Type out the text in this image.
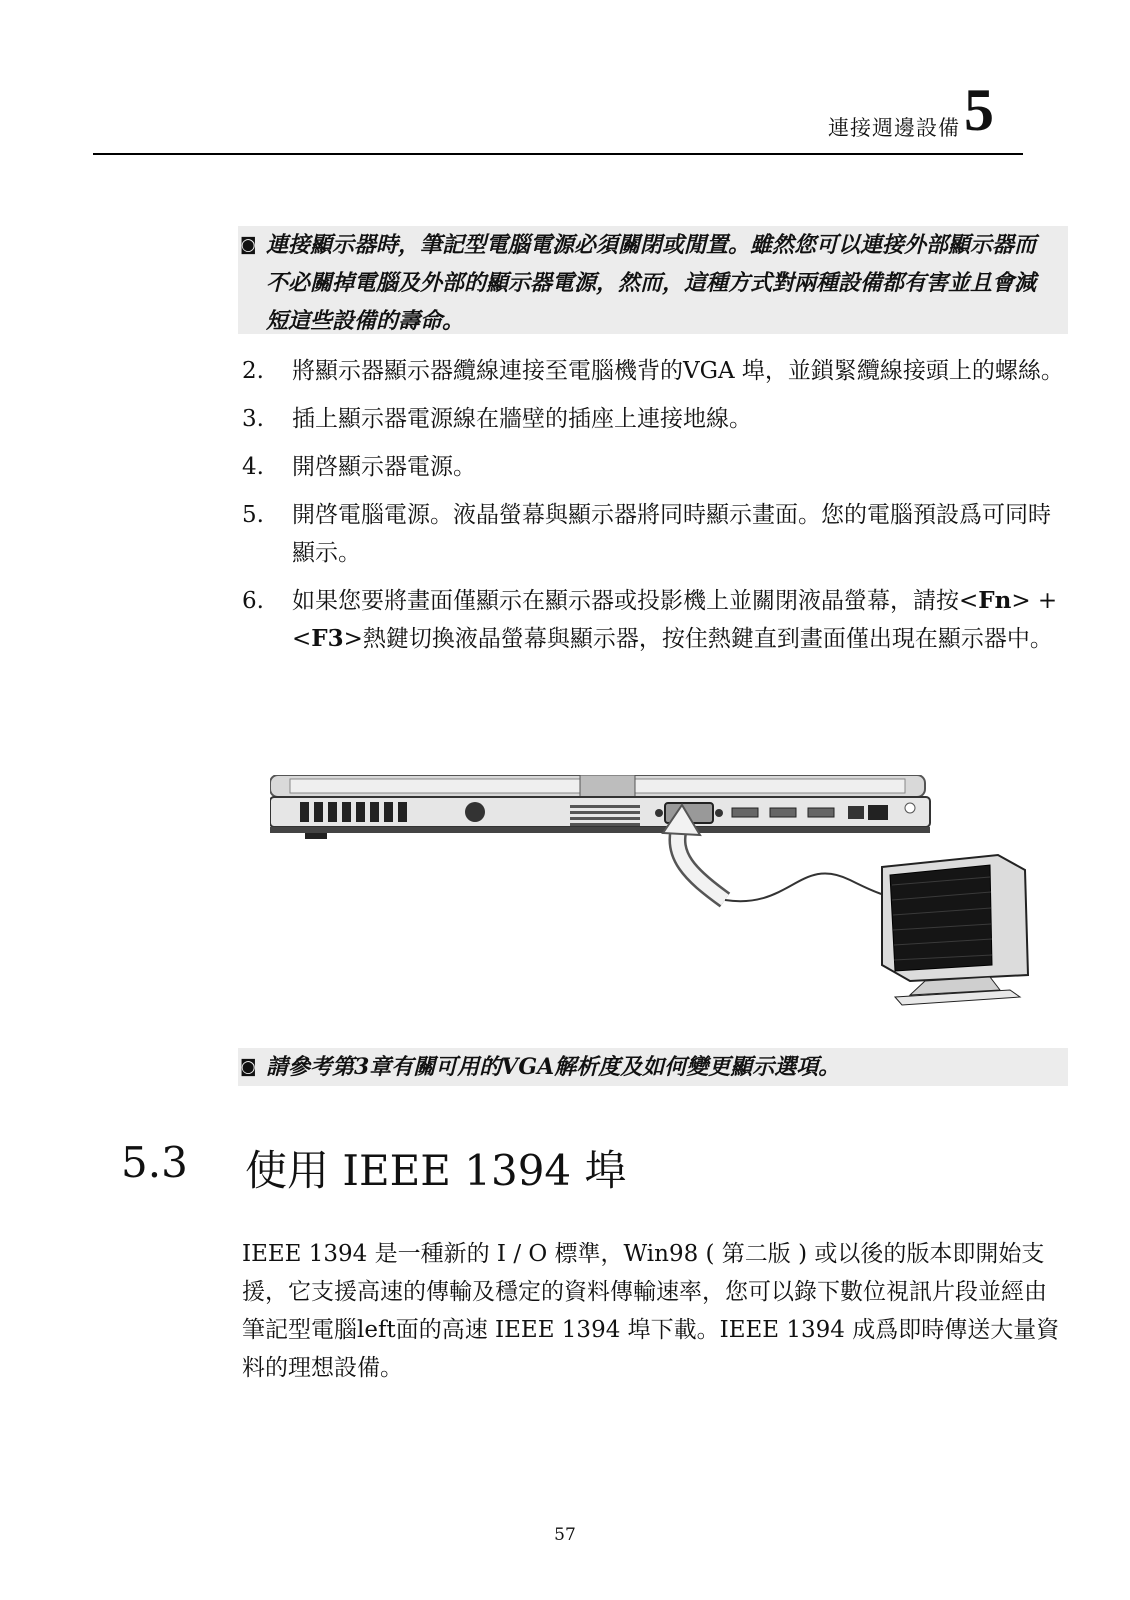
連接週邊設備 5
◙ 連接顯示器時，筆記型電腦電源必須關閉或閒置。雖然您可以連接外部顯示器而不必關掉電腦及外部的顯示器電源，然而，這種方式對兩種設備都有害並且會減短這些設備的壽命。
2. 將顯示器顯示器纜線連接至電腦機背的VGA 埠，並鎖緊纜線接頭上的螺絲。
3. 插上顯示器電源線在牆壁的插座上連接地線。
4. 開啓顯示器電源。
5. 開啓電腦電源。液晶螢幕與顯示器將同時顯示畫面。您的電腦預設爲可同時顯示。
6. 如果您要將畫面僅顯示在顯示器或投影機上並關閉液晶螢幕，請按<Fn> + <F3>熱鍵切換液晶螢幕與顯示器，按住熱鍵直到畫面僅出現在顯示器中。
◙ 請參考第3章有關可用的VGA解析度及如何變更顯示選項。
5.3 使用 IEEE 1394 埠
IEEE 1394 是一種新的 I / O 標準，Win98 ( 第二版 ) 或以後的版本即開始支援，它支援高速的傳輸及穩定的資料傳輸速率，您可以錄下數位視訊片段並經由筆記型電腦left面的高速 IEEE 1394 埠下載。IEEE 1394 成爲即時傳送大量資料的理想設備。
57
